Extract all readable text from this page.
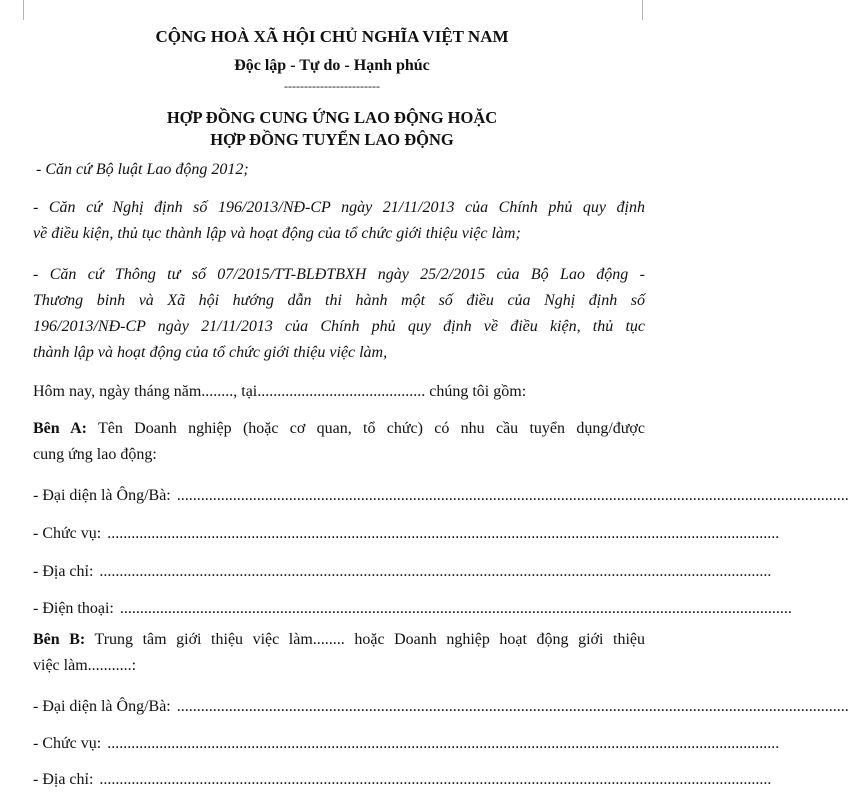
CỘNG HOÀ XÃ HỘI CHỦ NGHĨA VIỆT NAM
Độc lập - Tự do - Hạnh phúc
------------------------
HỢP ĐỒNG CUNG ỨNG LAO ĐỘNG HOẶC
HỢP ĐỒNG TUYỂN LAO ĐỘNG
- Căn cứ Bộ luật Lao động 2012;
- Căn cứ Nghị định số 196/2013/NĐ-CP ngày 21/11/2013 của Chính phủ quy định
về điều kiện, thủ tục thành lập và hoạt động của tổ chức giới thiệu việc làm;
- Căn cứ Thông tư số 07/2015/TT-BLĐTBXH ngày 25/2/2015 của Bộ Lao động -
Thương binh và Xã hội hướng dẫn thi hành một số điều của Nghị định số
196/2013/NĐ-CP ngày 21/11/2013 của Chính phủ quy định về điều kiện, thủ tục
thành lập và hoạt động của tổ chức giới thiệu việc làm,
Hôm nay, ngày tháng năm........, tại.......................................... chúng tôi gồm:
Bên A: Tên Doanh nghiệp (hoặc cơ quan, tổ chức) có nhu cầu tuyển dụng/được
cung ứng lao động:
- Đại diện là Ông/Bà: ........................................................................................................................................................................
- Chức vụ: ........................................................................................................................................................................
- Địa chỉ: ........................................................................................................................................................................
- Điện thoại: ........................................................................................................................................................................
Bên B: Trung tâm giới thiệu việc làm........ hoặc Doanh nghiệp hoạt động giới thiệu
việc làm...........:
- Đại diện là Ông/Bà: ........................................................................................................................................................................
- Chức vụ: ........................................................................................................................................................................
- Địa chỉ: ........................................................................................................................................................................
